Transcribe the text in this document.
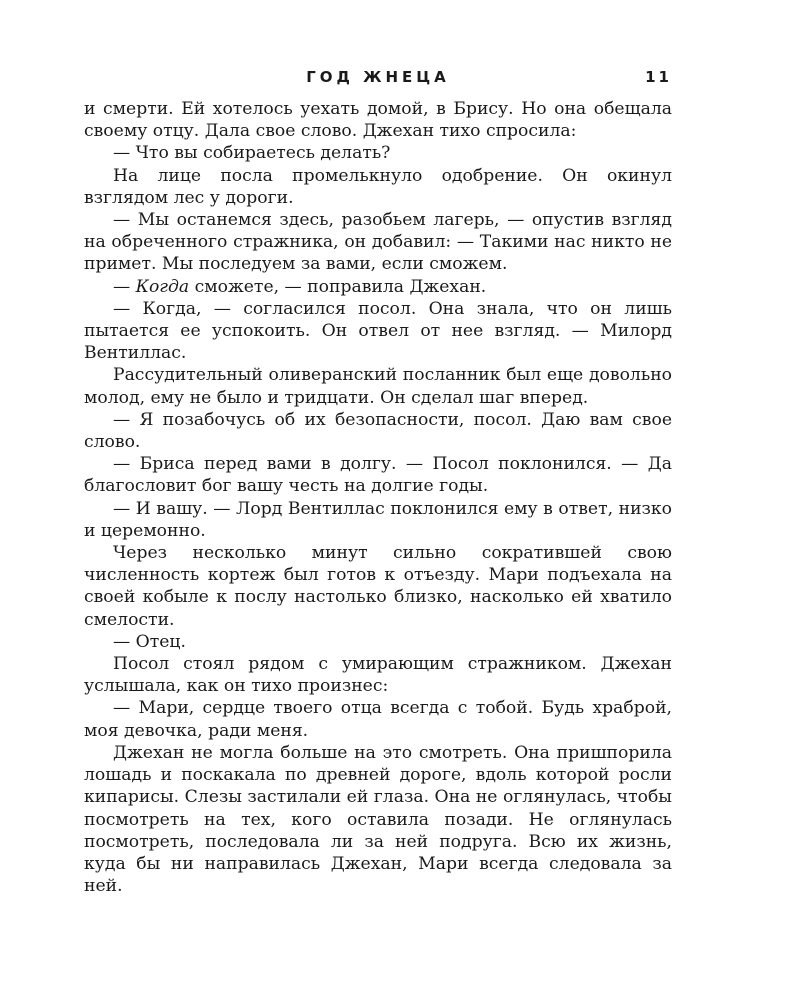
ГОД ЖНЕЦА	11

и смерти. Ей хотелось уехать домой, в Брису. Но она обещала своему отцу. Дала свое слово. Джехан тихо спросила:

— Что вы собираетесь делать?

На лице посла промелькнуло одобрение. Он окинул взглядом лес у дороги.

— Мы останемся здесь, разобьем лагерь, — опустив взгляд на обреченного стражника, он добавил: — Такими нас никто не примет. Мы последуем за вами, если сможем.

— Когда сможете, — поправила Джехан.

— Когда, — согласился посол. Она знала, что он лишь пытается ее успокоить. Он отвел от нее взгляд. — Милорд Вентиллас.

Рассудительный оливеранский посланник был еще довольно молод, ему не было и тридцати. Он сделал шаг вперед.

— Я позабочусь об их безопасности, посол. Даю вам свое слово.

— Бриса перед вами в долгу. — Посол поклонился. — Да благословит бог вашу честь на долгие годы.

— И вашу. — Лорд Вентиллас поклонился ему в ответ, низко и церемонно.

Через несколько минут сильно сократившей свою численность кортеж был готов к отъезду. Мари подъехала на своей кобыле к послу настолько близко, насколько ей хватило смелости.

— Отец.

Посол стоял рядом с умирающим стражником. Джехан услышала, как он тихо произнес:

— Мари, сердце твоего отца всегда с тобой. Будь храброй, моя девочка, ради меня.

Джехан не могла больше на это смотреть. Она пришпорила лошадь и поскакала по древней дороге, вдоль которой росли кипарисы. Слезы застилали ей глаза. Она не оглянулась, чтобы посмотреть на тех, кого оставила позади. Не оглянулась посмотреть, последовала ли за ней подруга. Всю их жизнь, куда бы ни направилась Джехан, Мари всегда следовала за ней.
